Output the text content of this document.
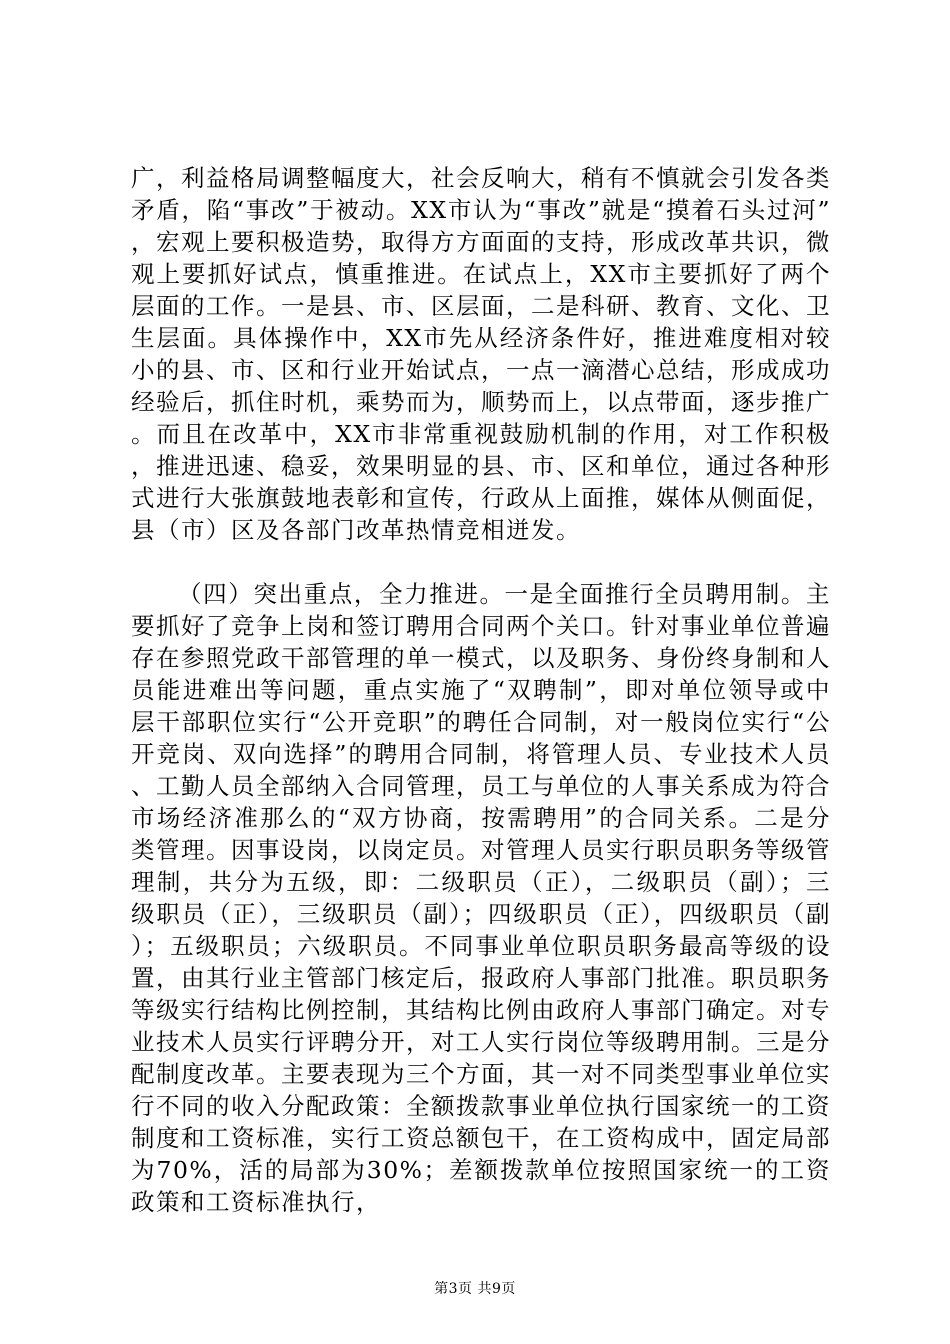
广，利益格局调整幅度大，社会反响大，稍有不慎就会引发各类矛盾，陷“事改”于被动。XX市认为“事改”就是“摸着石头过河”，宏观上要积极造势，取得方方面面的支持，形成改革共识，微观上要抓好试点，慎重推进。在试点上，XX市主要抓好了两个层面的工作。一是县、市、区层面，二是科研、教育、文化、卫生层面。具体操作中，XX市先从经济条件好，推进难度相对较小的县、市、区和行业开始试点，一点一滴潜心总结，形成成功经验后，抓住时机，乘势而为，顺势而上，以点带面，逐步推广。而且在改革中，XX市非常重视鼓励机制的作用，对工作积极，推进迅速、稳妥，效果明显的县、市、区和单位，通过各种形式进行大张旗鼓地表彰和宣传，行政从上面推，媒体从侧面促，县（市）区及各部门改革热情竞相迸发。

（四）突出重点，全力推进。一是全面推行全员聘用制。主要抓好了竞争上岗和签订聘用合同两个关口。针对事业单位普遍存在参照党政干部管理的单一模式，以及职务、身份终身制和人员能进难出等问题，重点实施了“双聘制”，即对单位领导或中层干部职位实行“公开竞职”的聘任合同制，对一般岗位实行“公开竞岗、双向选择”的聘用合同制，将管理人员、专业技术人员、工勤人员全部纳入合同管理，员工与单位的人事关系成为符合市场经济准那么的“双方协商，按需聘用”的合同关系。二是分类管理。因事设岗，以岗定员。对管理人员实行职员职务等级管理制，共分为五级，即：二级职员（正），二级职员（副）；三级职员（正），三级职员（副）；四级职员（正），四级职员（副）；五级职员；六级职员。不同事业单位职员职务最高等级的设置，由其行业主管部门核定后，报政府人事部门批准。职员职务等级实行结构比例控制，其结构比例由政府人事部门确定。对专业技术人员实行评聘分开，对工人实行岗位等级聘用制。三是分配制度改革。主要表现为三个方面，其一对不同类型事业单位实行不同的收入分配政策：全额拨款事业单位执行国家统一的工资制度和工资标准，实行工资总额包干，在工资构成中，固定局部为70%，活的局部为30%；差额拨款单位按照国家统一的工资政策和工资标准执行，

第3页 共9页
